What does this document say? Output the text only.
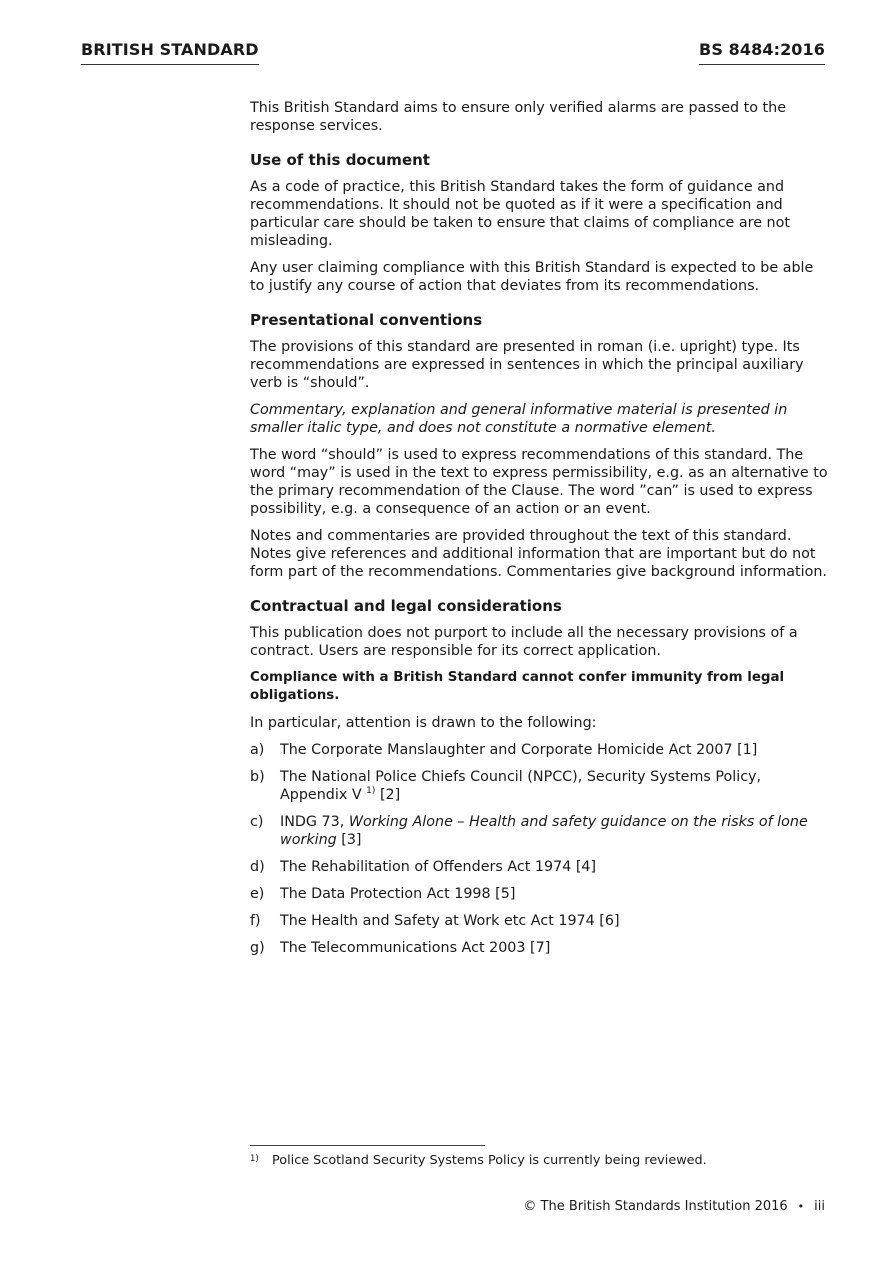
BRITISH STANDARD	BS 8484:2016

This British Standard aims to ensure only verified alarms are passed to the response services.

Use of this document

As a code of practice, this British Standard takes the form of guidance and recommendations. It should not be quoted as if it were a specification and particular care should be taken to ensure that claims of compliance are not misleading.

Any user claiming compliance with this British Standard is expected to be able to justify any course of action that deviates from its recommendations.

Presentational conventions

The provisions of this standard are presented in roman (i.e. upright) type. Its recommendations are expressed in sentences in which the principal auxiliary verb is “should”.

Commentary, explanation and general informative material is presented in smaller italic type, and does not constitute a normative element.

The word “should” is used to express recommendations of this standard. The word “may” is used in the text to express permissibility, e.g. as an alternative to the primary recommendation of the Clause. The word ”can” is used to express possibility, e.g. a consequence of an action or an event.

Notes and commentaries are provided throughout the text of this standard. Notes give references and additional information that are important but do not form part of the recommendations. Commentaries give background information.

Contractual and legal considerations

This publication does not purport to include all the necessary provisions of a contract. Users are responsible for its correct application.

Compliance with a British Standard cannot confer immunity from legal obligations.

In particular, attention is drawn to the following:

a)	The Corporate Manslaughter and Corporate Homicide Act 2007 [1]
b)	The National Police Chiefs Council (NPCC), Security Systems Policy, Appendix V $^{1)}$ [2]
c)	INDG 73, Working Alone – Health and safety guidance on the risks of lone working [3]
d)	The Rehabilitation of Offenders Act 1974 [4]
e)	The Data Protection Act 1998 [5]
f)	The Health and Safety at Work etc Act 1974 [6]
g)	The Telecommunications Act 2003 [7]
1)	Police Scotland Security Systems Policy is currently being reviewed.
© The British Standards Institution 2016 • iii
